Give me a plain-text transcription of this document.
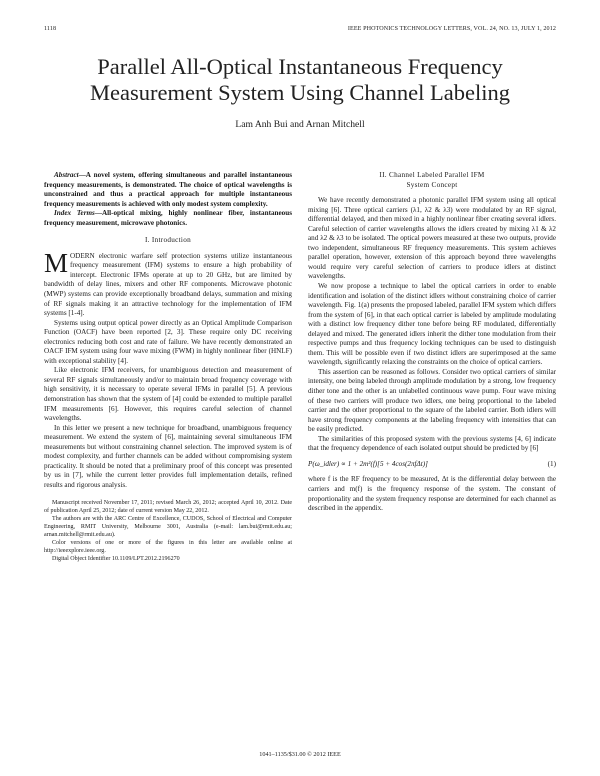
1118	IEEE PHOTONICS TECHNOLOGY LETTERS, VOL. 24, NO. 13, JULY 1, 2012
Parallel All-Optical Instantaneous Frequency
Measurement System Using Channel Labeling
Lam Anh Bui and Arnan Mitchell

Abstract—A novel system, offering simultaneous and parallel instantaneous frequency measurements, is demonstrated. The choice of optical wavelengths is unconstrained and thus a practical approach for multiple instantaneous frequency measurements is achieved with only modest system complexity.

Index Terms—All-optical mixing, highly nonlinear fiber, instantaneous frequency measurement, microwave photonics.

I. Introduction

MODERN electronic warfare self protection systems utilize instantaneous frequency measurement (IFM) systems to ensure a high probability of intercept. Electronic IFMs operate at up to 20 GHz, but are limited by bandwidth of delay lines, mixers and other RF components. Microwave photonic (MWP) systems can provide exceptionally broadband delays, summation and mixing of RF signals making it an attractive technology for the implementation of IFM systems [1-4].

Systems using output optical power directly as an Optical Amplitude Comparison Function (OACF) have been reported [2, 3]. These require only DC receiving electronics reducing both cost and rate of failure. We have recently demonstrated an OACF IFM system using four wave mixing (FWM) in highly nonlinear fiber (HNLF) with exceptional stability [4].

Like electronic IFM receivers, for unambiguous detection and measurement of several RF signals simultaneously and/or to maintain broad frequency coverage with high sensitivity, it is necessary to operate several IFMs in parallel [5]. A previous demonstration has shown that the system of [4] could be extended to multiple parallel IFM measurements [6]. However, this requires careful selection of channel wavelengths.

In this letter we present a new technique for broadband, unambiguous frequency measurement. We extend the system of [6], maintaining several simultaneous IFM measurements but without constraining channel selection. The improved system is of modest complexity, and further channels can be added without compromising system practicality. It should be noted that a preliminary proof of this concept was presented by us in [7], while the current letter provides full implementation details, refined results and rigorous analysis.

Manuscript received November 17, 2011; revised March 26, 2012; accepted April 10, 2012. Date of publication April 25, 2012; date of current version May 22, 2012.

The authors are with the ARC Centre of Excellence, CUDOS, School of Electrical and Computer Engineering, RMIT University, Melbourne 3001, Australia (e-mail: lam.bui@rmit.edu.au; arnan.mitchell@rmit.edu.au).

Color versions of one or more of the figures in this letter are available online at http://ieeexplore.ieee.org.

Digital Object Identifier 10.1109/LPT.2012.2196270

II. Channel Labeled Parallel IFM
System Concept

We have recently demonstrated a photonic parallel IFM system using all optical mixing [6]. Three optical carriers (λ1, λ2 & λ3) were modulated by an RF signal, differential delayed, and then mixed in a highly nonlinear fiber creating several idlers. Careful selection of carrier wavelengths allows the idlers created by mixing λ1 & λ2 and λ2 & λ3 to be isolated. The optical powers measured at these two outputs, provide two independent, simultaneous RF frequency measurements. This system achieves parallel operation, however, extension of this approach beyond three wavelengths would require very careful selection of carriers to produce idlers at distinct wavelengths.

We now propose a technique to label the optical carriers in order to enable identification and isolation of the distinct idlers without constraining choice of carrier wavelength. Fig. 1(a) presents the proposed labeled, parallel IFM system which differs from the system of [6], in that each optical carrier is labeled by amplitude modulating with a distinct low frequency dither tone before being RF modulated, differentially delayed and mixed. The generated idlers inherit the dither tone modulation from their respective pumps and thus frequency locking techniques can be used to distinguish them. This will be possible even if two distinct idlers are superimposed at the same wavelength, significantly relaxing the constraints on the choice of optical carriers.

This assertion can be reasoned as follows. Consider two optical carriers of similar intensity, one being labeled through amplitude modulation by a strong, low frequency dither tone and the other is an unlabelled continuous wave pump. Four wave mixing of these two carriers will produce two idlers, one being proportional to the labeled carrier and the other proportional to the square of the labeled carrier. Both idlers will have strong frequency components at the labeling frequency with intensities that can be easily predicted.

The similarities of this proposed system with the previous systems [4, 6] indicate that the frequency dependence of each isolated output should be predicted by [6]

P(ω_idler) ∝ 1 + 2m²(f)[5 + 4cos(2πfΔt)]	(1)

where f is the RF frequency to be measured, Δt is the differential delay between the carriers and m(f) is the frequency response of the system. The constant of proportionality and the system frequency response are determined for each channel as described in the appendix.

1041–1135/$31.00 © 2012 IEEE
